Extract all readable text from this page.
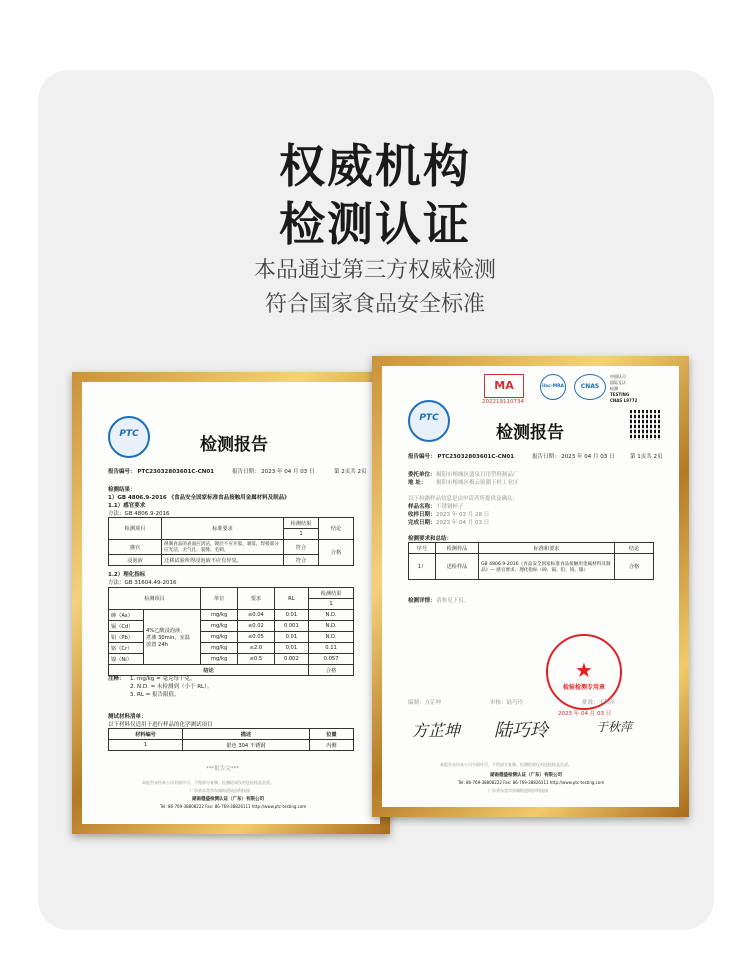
权威机构
检测认证
本品通过第三方权威检测
符合国家食品安全标准
PTC
检测报告
报告编号： PTC23032803601C-CN01	报告日期： 2023 年 04 月 03 日	第 2页共 2页
检测结果：
1）GB 4806.9-2016 《食品安全国家标准食品接触用金属材料及制品》
1.1）感官要求
方法：GB 4806.9-2016
检测项目	标准要求	检测结果	结论
		1	
感官	规制食品的表面应清洁，镀层不应开裂、剥落，焊接部分应光洁，无气孔、裂缝、毛刺。	符合	合格
浸泡液	迁移试验所得浸泡液不应有异臭。	符合	
1.2）理化指标
方法：GB 31604.49-2016
检测项目		单位	要求	RL	检测结果
					1
砷（As）	4%乙酸浸泡液，
煮沸 30min，室温
放置 24h	mg/kg	≤0.04	0.01	N.D.
镉（Cd）		mg/kg	≤0.02	0.001	N.D.
铅（Pb）		mg/kg	≤0.05	0.01	N.D.
铬（Cr）		mg/kg	≤2.0	0.01	0.11
镍（Ni）		mg/kg	≤0.5	0.002	0.057
结论					合格
注释： 1. mg/kg = 毫克每千克。
2. N.D. = 未检测到（小于 RL）。
3. RL = 报告限值。
测试材料清单：
以下材料仅适用于进行样品的化学测试项目
材料编号	描述	位置
1	银色 304 不锈钢	内侧
***报告完***
本报告未经本公司书面许可，不得部分复制。检测结果仅对送检样品负责。
广东省东莞市东城街道同沙科技园
湖南德盛检测认证（广东）有限公司
Tel: 86-769-38808222 Fax: 86-769-38826111 http://www.ptc-testing.com
MA
202219110734
ilac-MRA	CNAS
中国认可
国际互认
检测
TESTING
CNAS L9772
PTC
检测报告
报告编号： PTC23032803601C-CN01	报告日期： 2023 年 04 月 03 日	第 1页共 2页
委托单位： 揭阳市榕城区盛泉日用塑料制品厂
地 址： 揭阳市榕城区梅云镇潮下村工业区
以下检测样品信息是由申请者所提供及确认：
样品名称： 不锈钢杯子
收样日期： 2023 年 03 月 28 日
完成日期： 2023 年 04 月 03 日
检测要求和总结：
序号	检测样品	标准和要求	结论
1）	送检样品	GB 4806.9-2016《食品安全国家标准食品接触用金属材料及制品》— 感官要求、理化指标（砷、镉、铅、铬、镍）	合格
检测详情： 请参见下页。
★
检验检测专用章
2023 年 04 月 03 日
编制：方芷坤	审核：陆巧玲	批准：于秋萍
方芷坤 陆巧玲	于秋萍
本报告未经本公司书面许可，不得部分复制。检测结果仅对送检样品负责。
湖南德盛检测认证（广东）有限公司
Tel: 86-769-38808222 Fax: 86-769-38826111 http://www.ptc-testing.com
广东省东莞市东城街道同沙科技园
